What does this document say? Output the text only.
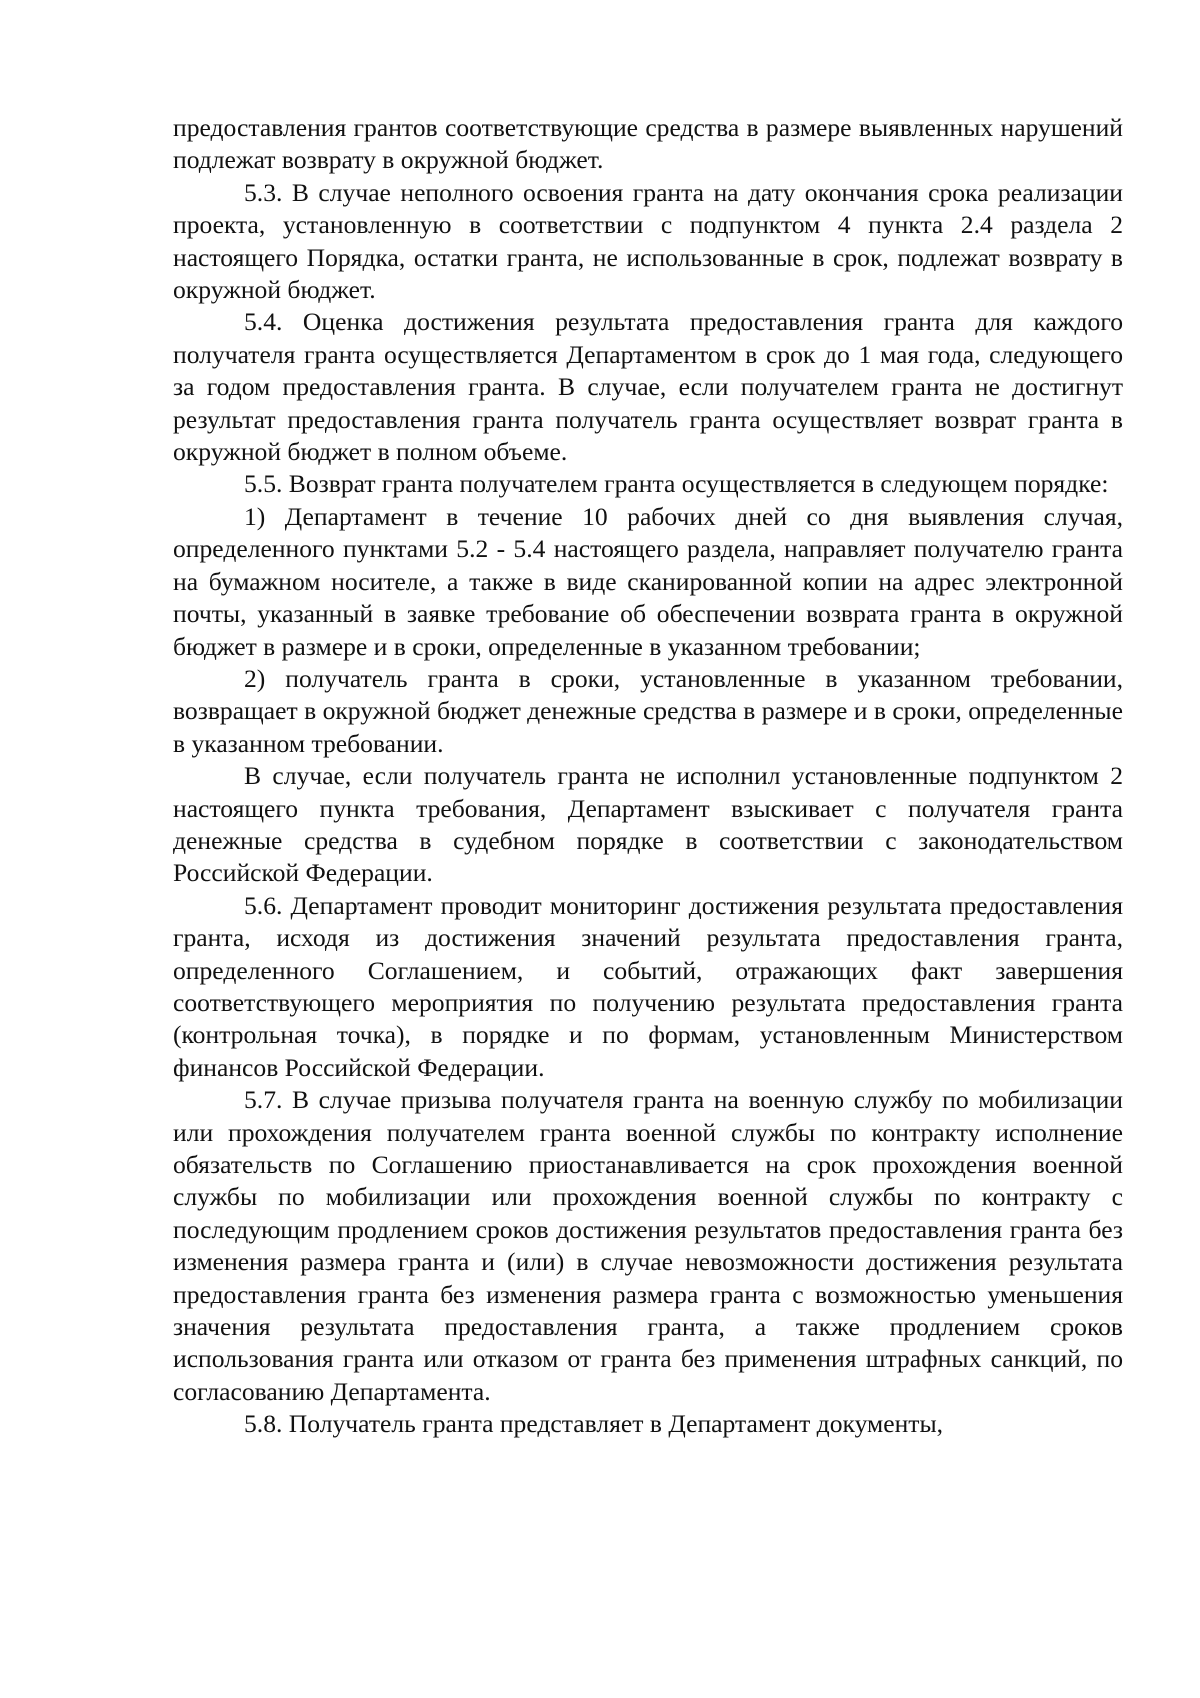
предоставления грантов соответствующие средства в размере выявленных нарушений подлежат возврату в окружной бюджет.

5.3. В случае неполного освоения гранта на дату окончания срока реализации проекта, установленную в соответствии с подпунктом 4 пункта 2.4 раздела 2 настоящего Порядка, остатки гранта, не использованные в срок, подлежат возврату в окружной бюджет.

5.4. Оценка достижения результата предоставления гранта для каждого получателя гранта осуществляется Департаментом в срок до 1 мая года, следующего за годом предоставления гранта. В случае, если получателем гранта не достигнут результат предоставления гранта получатель гранта осуществляет возврат гранта в окружной бюджет в полном объеме.

5.5. Возврат гранта получателем гранта осуществляется в следующем порядке:

1) Департамент в течение 10 рабочих дней со дня выявления случая, определенного пунктами 5.2 - 5.4 настоящего раздела, направляет получателю гранта на бумажном носителе, а также в виде сканированной копии на адрес электронной почты, указанный в заявке требование об обеспечении возврата гранта в окружной бюджет в размере и в сроки, определенные в указанном требовании;

2) получатель гранта в сроки, установленные в указанном требовании, возвращает в окружной бюджет денежные средства в размере и в сроки, определенные в указанном требовании.

В случае, если получатель гранта не исполнил установленные подпунктом 2 настоящего пункта требования, Департамент взыскивает с получателя гранта денежные средства в судебном порядке в соответствии с законодательством Российской Федерации.

5.6. Департамент проводит мониторинг достижения результата предоставления гранта, исходя из достижения значений результата предоставления гранта, определенного Соглашением, и событий, отражающих факт завершения соответствующего мероприятия по получению результата предоставления гранта (контрольная точка), в порядке и по формам, установленным Министерством финансов Российской Федерации.

5.7. В случае призыва получателя гранта на военную службу по мобилизации или прохождения получателем гранта военной службы по контракту исполнение обязательств по Соглашению приостанавливается на срок прохождения военной службы по мобилизации или прохождения военной службы по контракту с последующим продлением сроков достижения результатов предоставления гранта без изменения размера гранта и (или) в случае невозможности достижения результата предоставления гранта без изменения размера гранта с возможностью уменьшения значения результата предоставления гранта, а также продлением сроков использования гранта или отказом от гранта без применения штрафных санкций, по согласованию Департамента.

5.8. Получатель гранта представляет в Департамент документы,
